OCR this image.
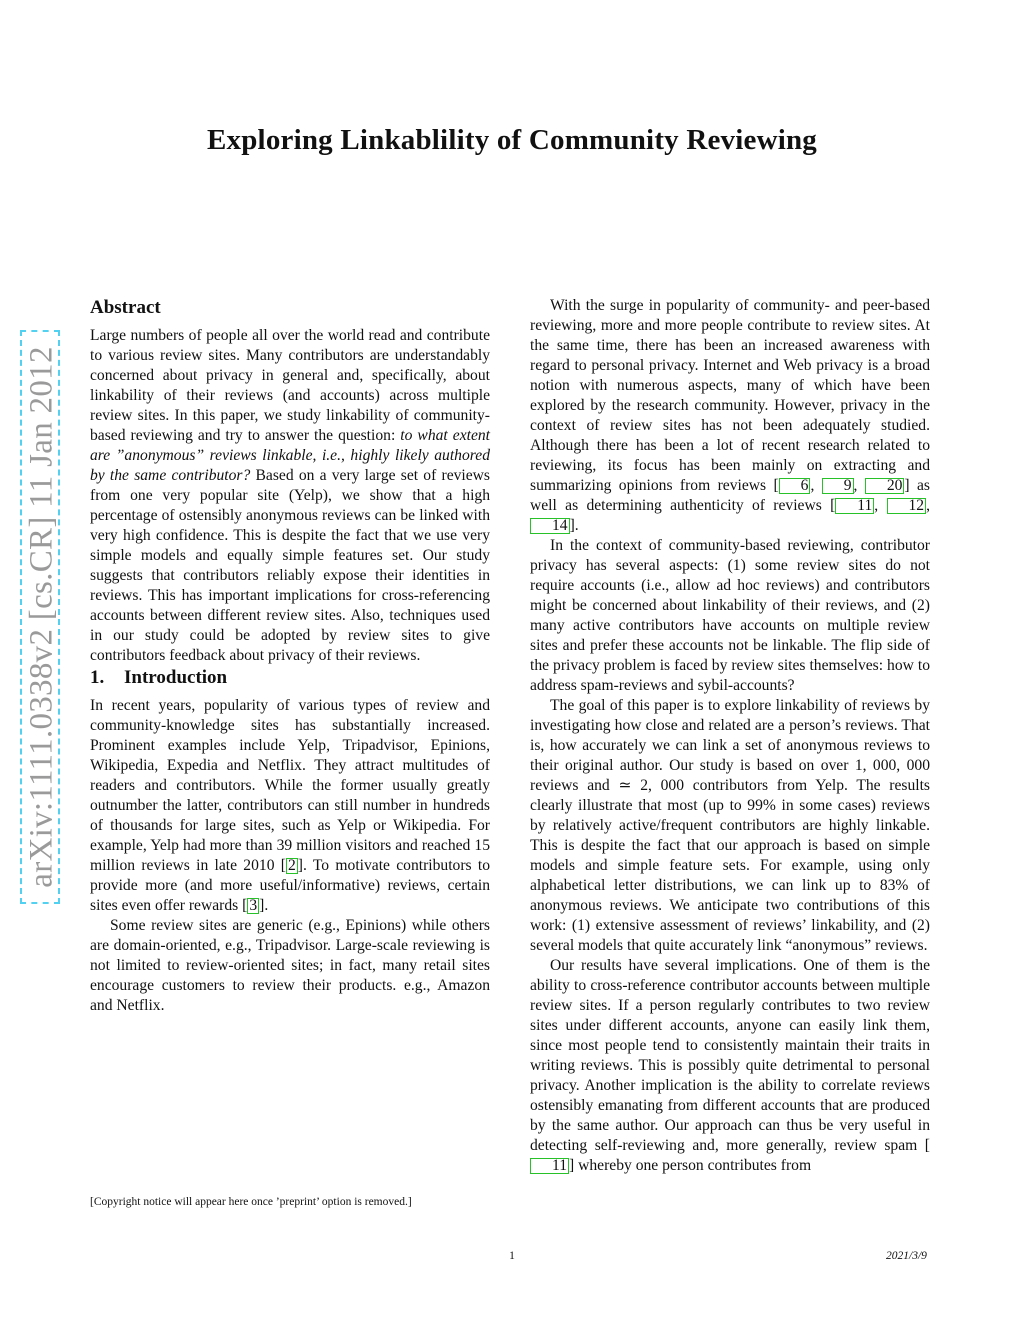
Exploring Linkablility of Community Reviewing
arXiv:1111.0338v2 [cs.CR] 11 Jan 2012
Abstract

Large numbers of people all over the world read and contribute to various review sites. Many contributors are understandably concerned about privacy in general and, specifically, about linkability of their reviews (and accounts) across multiple review sites. In this paper, we study linkability of community-based reviewing and try to answer the question: to what extent are ”anonymous” reviews linkable, i.e., highly likely authored by the same contributor? Based on a very large set of reviews from one very popular site (Yelp), we show that a high percentage of ostensibly anonymous reviews can be linked with very high confidence. This is despite the fact that we use very simple models and equally simple features set. Our study suggests that contributors reliably expose their identities in reviews. This has important implications for cross-referencing accounts between different review sites. Also, techniques used in our study could be adopted by review sites to give contributors feedback about privacy of their reviews.

1. Introduction

In recent years, popularity of various types of review and community-knowledge sites has substantially increased. Prominent examples include Yelp, Tripadvisor, Epinions, Wikipedia, Expedia and Netflix. They attract multitudes of readers and contributors. While the former usually greatly outnumber the latter, contributors can still number in hundreds of thousands for large sites, such as Yelp or Wikipedia. For example, Yelp had more than 39 million visitors and reached 15 million reviews in late 2010 [ 2 ]. To motivate contributors to provide more (and more useful/informative) reviews, certain sites even offer rewards [ 3 ].

Some review sites are generic (e.g., Epinions) while others are domain-oriented, e.g., Tripadvisor. Large-scale reviewing is not limited to review-oriented sites; in fact, many retail sites encourage customers to review their products. e.g., Amazon and Netflix.

With the surge in popularity of community- and peer-based reviewing, more and more people contribute to review sites. At the same time, there has been an increased awareness with regard to personal privacy. Internet and Web privacy is a broad notion with numerous aspects, many of which have been explored by the research community. However, privacy in the context of review sites has not been adequately studied. Although there has been a lot of recent research related to reviewing, its focus has been mainly on extracting and summarizing opinions from reviews [ 6 , 9 , 20 ] as well as determining authenticity of reviews [ 11 , 12 , 14 ].

In the context of community-based reviewing, contributor privacy has several aspects: (1) some review sites do not require accounts (i.e., allow ad hoc reviews) and contributors might be concerned about linkability of their reviews, and (2) many active contributors have accounts on multiple review sites and prefer these accounts not be linkable. The flip side of the privacy problem is faced by review sites themselves: how to address spam-reviews and sybil-accounts?

The goal of this paper is to explore linkability of reviews by investigating how close and related are a person’s reviews. That is, how accurately we can link a set of anonymous reviews to their original author. Our study is based on over 1, 000, 000 reviews and ≃ 2, 000 contributors from Yelp. The results clearly illustrate that most (up to 99% in some cases) reviews by relatively active/frequent contributors are highly linkable. This is despite the fact that our approach is based on simple models and simple feature sets. For example, using only alphabetical letter distributions, we can link up to 83% of anonymous reviews. We anticipate two contributions of this work: (1) extensive assessment of reviews’ linkability, and (2) several models that quite accurately link “anonymous” reviews.

Our results have several implications. One of them is the ability to cross-reference contributor accounts between multiple review sites. If a person regularly contributes to two review sites under different accounts, anyone can easily link them, since most people tend to consistently maintain their traits in writing reviews. This is possibly quite detrimental to personal privacy. Another implication is the ability to correlate reviews ostensibly emanating from different accounts that are produced by the same author. Our approach can thus be very useful in detecting self-reviewing and, more generally, review spam [11 ] whereby one person contributes from

[Copyright notice will appear here once ’preprint’ option is removed.]
1	2021/3/9
